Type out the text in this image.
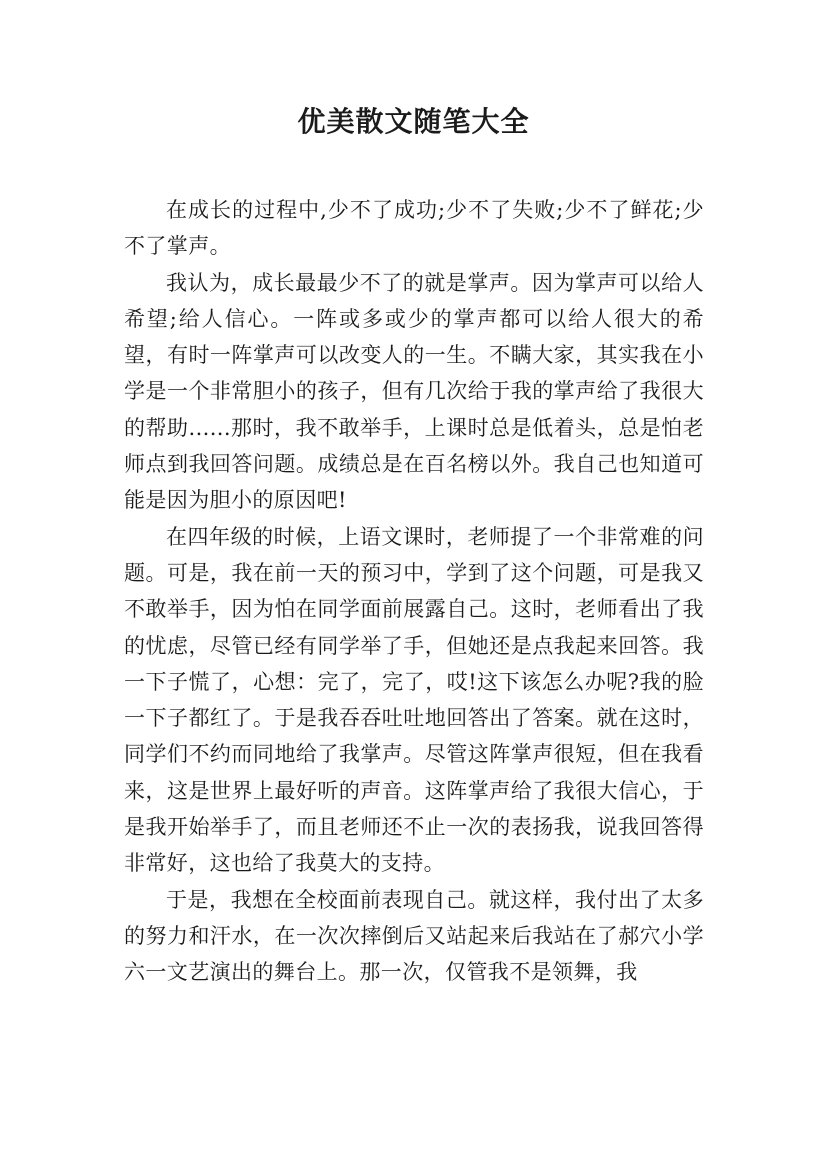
优美散文随笔大全

在成长的过程中,少不了成功;少不了失败;少不了鲜花;少不了掌声。

我认为，成长最最少不了的就是掌声。因为掌声可以给人希望;给人信心。一阵或多或少的掌声都可以给人很大的希望，有时一阵掌声可以改变人的一生。不瞒大家，其实我在小学是一个非常胆小的孩子，但有几次给于我的掌声给了我很大的帮助......那时，我不敢举手，上课时总是低着头，总是怕老师点到我回答问题。成绩总是在百名榜以外。我自己也知道可能是因为胆小的原因吧!

在四年级的时候，上语文课时，老师提了一个非常难的问题。可是，我在前一天的预习中，学到了这个问题，可是我又不敢举手，因为怕在同学面前展露自己。这时，老师看出了我的忧虑，尽管已经有同学举了手，但她还是点我起来回答。我一下子慌了，心想：完了，完了，哎!这下该怎么办呢?我的脸一下子都红了。于是我吞吞吐吐地回答出了答案。就在这时，同学们不约而同地给了我掌声。尽管这阵掌声很短，但在我看来，这是世界上最好听的声音。这阵掌声给了我很大信心，于是我开始举手了，而且老师还不止一次的表扬我，说我回答得非常好，这也给了我莫大的支持。

于是，我想在全校面前表现自己。就这样，我付出了太多的努力和汗水，在一次次摔倒后又站起来后我站在了郝穴小学六一文艺演出的舞台上。那一次，仅管我不是领舞，我
